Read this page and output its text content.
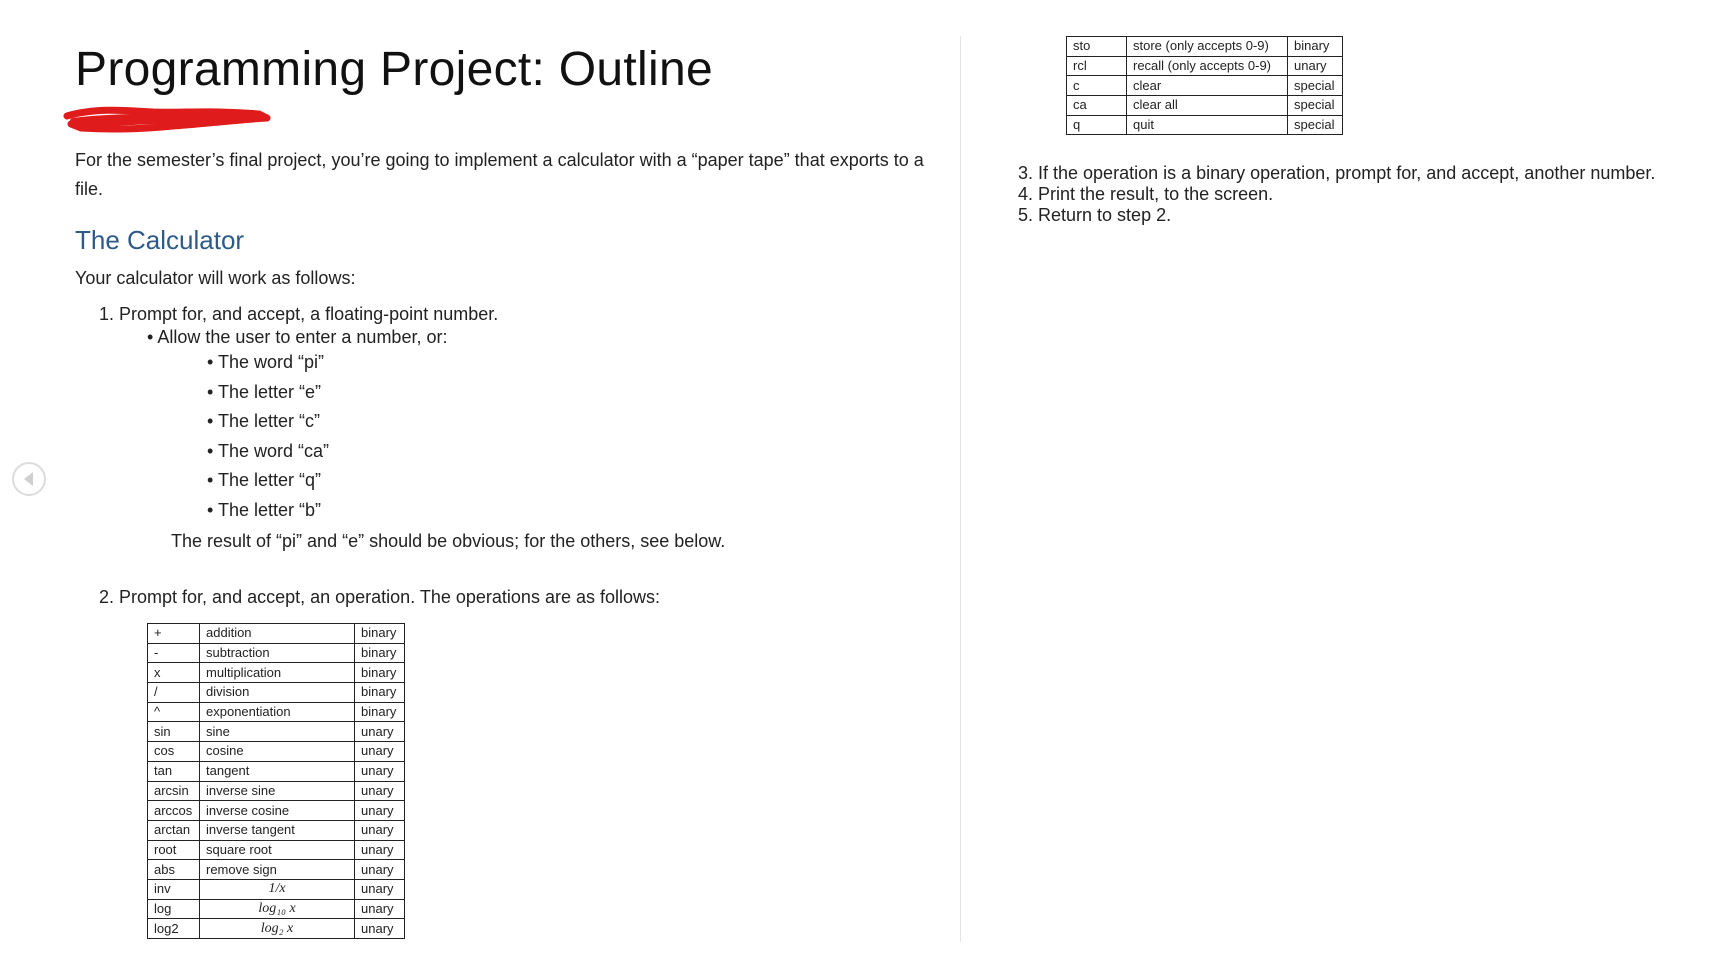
Programming Project: Outline

For the semester’s final project, you’re going to implement a calculator with a “paper tape” that exports to a file.

The Calculator

Your calculator will work as follows:

1. Prompt for, and accept, a floating-point number.
• Allow the user to enter a number, or:
• The word “pi”
• The letter “e”
• The letter “c”
• The word “ca”
• The letter “q”
• The letter “b”
The result of “pi” and “e” should be obvious; for the others, see below.
2. Prompt for, and accept, an operation. The operations are as follows:
+	addition	binary
-	subtraction	binary
x	multiplication	binary
/	division	binary
^	exponentiation	binary
sin	sine	unary
cos	cosine	unary
tan	tangent	unary
arcsin	inverse sine	unary
arccos	inverse cosine	unary
arctan	inverse tangent	unary
root	square root	unary
abs	remove sign	unary
inv	1/x	unary
log	log₁₀ x	unary
log2	log₂ x	unary
sto	store (only accepts 0-9)	binary
rcl	recall (only accepts 0-9)	unary
c	clear	special
ca	clear all	special
q	quit	special
3. If the operation is a binary operation, prompt for, and accept, another number.
4. Print the result, to the screen.
5. Return to step 2.
